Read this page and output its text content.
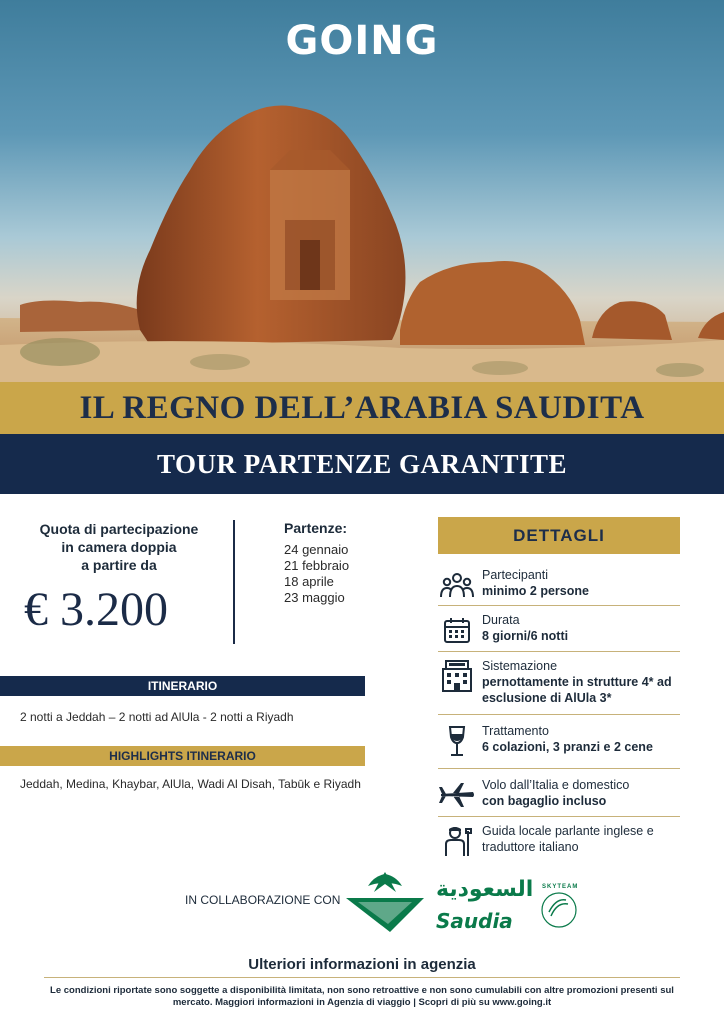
GOING
IL REGNO DELL’ARABIA SAUDITA
TOUR PARTENZE GARANTITE
Quota di partecipazione
in camera doppia
a partire da
€ 3.200
Partenze:
24 gennaio
21 febbraio
18 aprile
23 maggio
ITINERARIO
2 notti a Jeddah – 2 notti ad AlUla - 2 notti a Riyadh
HIGHLIGHTS ITINERARIO
Jeddah, Medina, Khaybar, AlUla, Wadi Al Disah, Tabūk e Riyadh
DETTAGLI
Partecipanti
minimo 2 persone
Durata
8 giorni/6 notti
Sistemazione
pernottamente in strutture 4* ad esclusione di AlUla 3*
Trattamento
6 colazioni, 3 pranzi e 2 cene
Volo dall’Italia e domestico
con bagaglio incluso
Guida locale parlante inglese e traduttore italiano
IN COLLABORAZIONE CON	السعودية
Saudia
SKYTEAM
Ulteriori informazioni in agenzia
Le condizioni riportate sono soggette a disponibilità limitata, non sono retroattive e non sono cumulabili con altre promozioni presenti sul mercato. Maggiori informazioni in Agenzia di viaggio | Scopri di più su www.going.it
